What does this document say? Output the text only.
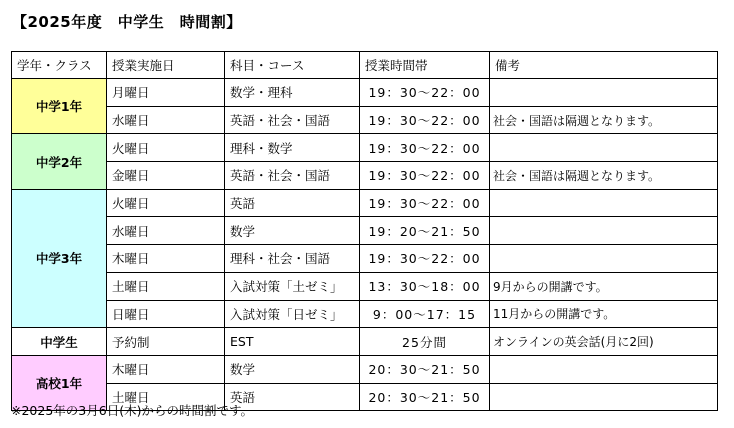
【2025年度　中学生　時間割】
学年・クラス	授業実施日	科目・コース	授業時間帯	備考
中学1年	月曜日	数学・理科	19：30～22：00	
	水曜日	英語・社会・国語	19：30～22：00	社会・国語は隔週となります。
中学2年	火曜日	理科・数学	19：30～22：00	
	金曜日	英語・社会・国語	19：30～22：00	社会・国語は隔週となります。
中学3年	火曜日	英語	19：30～22：00	
	水曜日	数学	19：20～21：50	
	木曜日	理科・社会・国語	19：30～22：00	
	土曜日	入試対策「土ゼミ」	13：30～18：00	9月からの開講です。
	日曜日	入試対策「日ゼミ」	9：00～17：15	11月からの開講です。
中学生	予約制	EST	25分間	オンラインの英会話(月に2回)
高校1年	木曜日	数学	20：30～21：50	
	土曜日	英語	20：30～21：50	
※2025年の3月6日(木)からの時間割です。
